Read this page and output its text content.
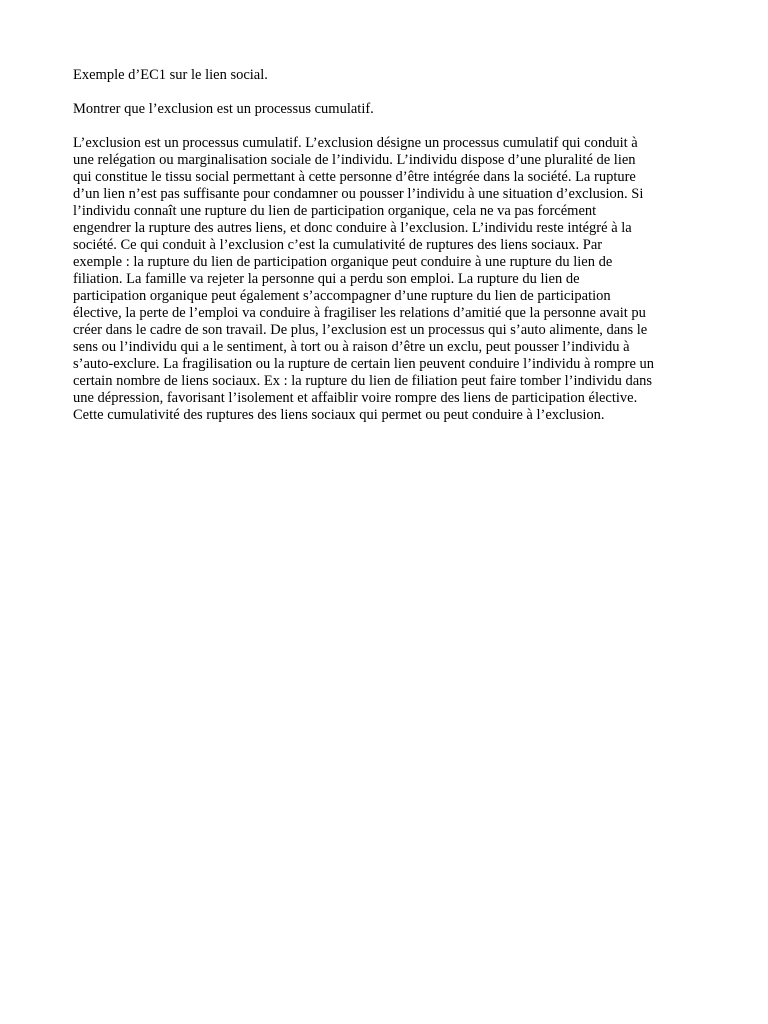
Exemple d’EC1 sur le lien social.

Montrer que l’exclusion est un processus cumulatif.

L’exclusion est un processus cumulatif. L’exclusion désigne un processus cumulatif qui conduit à
une relégation ou marginalisation sociale de l’individu. L’individu dispose d’une pluralité de lien
qui constitue le tissu social permettant à cette personne d’être intégrée dans la société. La rupture
d’un lien n’est pas suffisante pour condamner ou pousser l’individu à une situation d’exclusion. Si
l’individu connaît une rupture du lien de participation organique, cela ne va pas forcément
engendrer la rupture des autres liens, et donc conduire à l’exclusion. L’individu reste intégré à la
société. Ce qui conduit à l’exclusion c’est la cumulativité de ruptures des liens sociaux. Par
exemple : la rupture du lien de participation organique peut conduire à une rupture du lien de
filiation. La famille va rejeter la personne qui a perdu son emploi. La rupture du lien de
participation organique peut également s’accompagner d’une rupture du lien de participation
élective, la perte de l’emploi va conduire à fragiliser les relations d’amitié que la personne avait pu
créer dans le cadre de son travail. De plus, l’exclusion est un processus qui s’auto alimente, dans le
sens ou l’individu qui a le sentiment, à tort ou à raison d’être un exclu, peut pousser l’individu à
s’auto-exclure. La fragilisation ou la rupture de certain lien peuvent conduire l’individu à rompre un
certain nombre de liens sociaux. Ex : la rupture du lien de filiation peut faire tomber l’individu dans
une dépression, favorisant l’isolement et affaiblir voire rompre des liens de participation élective.
Cette cumulativité des ruptures des liens sociaux qui permet ou peut conduire à l’exclusion.
